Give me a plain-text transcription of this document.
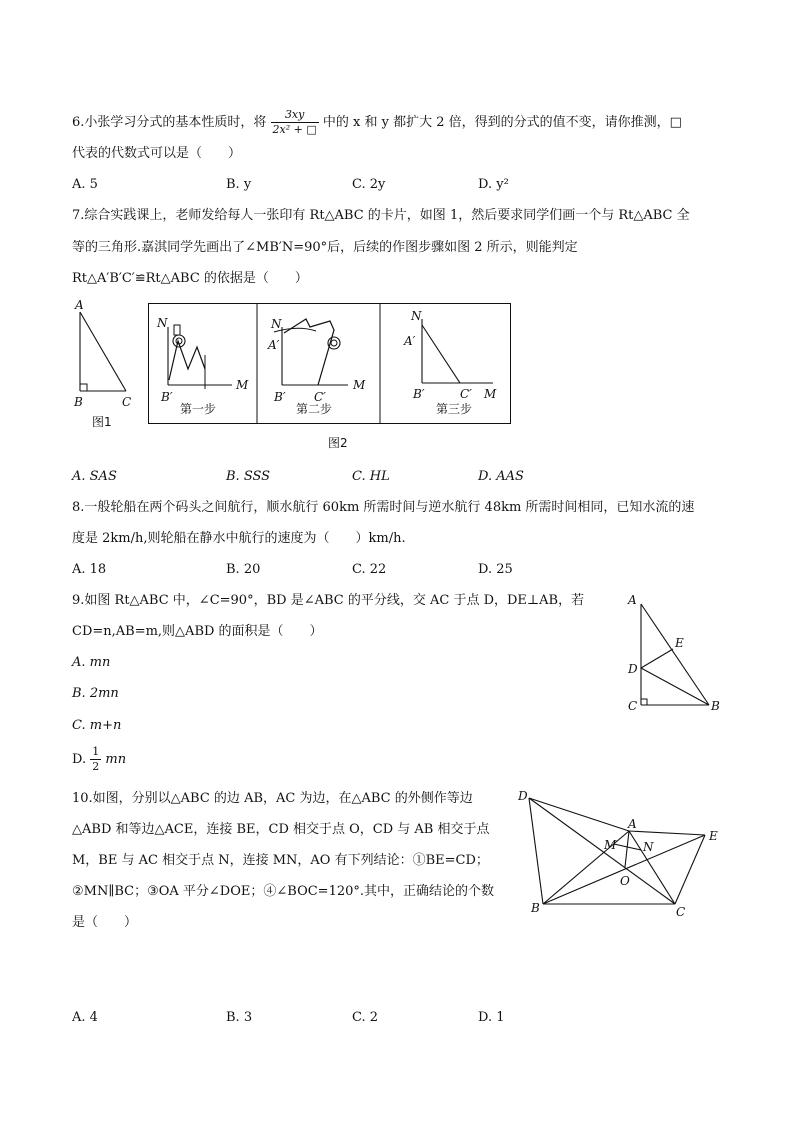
6.小张学习分式的基本性质时，将 $\frac{3xy}{\text{2x² + □}}$ 中的 x 和 y 都扩大 2 倍，得到的分式的值不变，请你推测，□
代表的代数式可以是（　　）
A. 5	B. y	C. 2y	D. y²
7.综合实践课上，老师发给每人一张印有 Rt△ABC 的卡片，如图 1，然后要求同学们画一个与 Rt△ABC 全
等的三角形.嘉淇同学先画出了∠MB′N=90°后，后续的作图步骤如图 2 所示，则能判定
Rt△A′B′C′≌Rt△ABC 的依据是（　　）
A
B	C
图1
N
M
B′
第一步
N
A′
M
B′ C′
第二步
N
A′
M
B′	C′
第三步
图2
A. SAS	B. SSS	C. HL	D. AAS
8.一般轮船在两个码头之间航行，顺水航行 60km 所需时间与逆水航行 48km 所需时间相同，已知水流的速
度是 2km/h,则轮船在静水中航行的速度为（　　）km/h.
A. 18	B. 20	C. 22	D. 25
9.如图 Rt△ABC 中，∠C=90°，BD 是∠ABC 的平分线，交 AC 于点 D，DE⊥AB，若
CD=n,AB=m,则△ABD 的面积是（　　）
A. mn
B. 2mn
C. m+n
D. $\frac{1}{2}$ mn
A
E
D
C	B
10.如图，分别以△ABC 的边 AB，AC 为边，在△ABC 的外侧作等边
△ABD 和等边△ACE，连接 BE，CD 相交于点 O，CD 与 AB 相交于点
M，BE 与 AC 相交于点 N，连接 MN，AO 有下列结论：①BE=CD；
②MN∥BC；③OA 平分∠DOE；④∠BOC=120°.其中，正确结论的个数
是（　　）
D
A
E
M N
O
B	C
A. 4	B. 3	C. 2	D. 1
